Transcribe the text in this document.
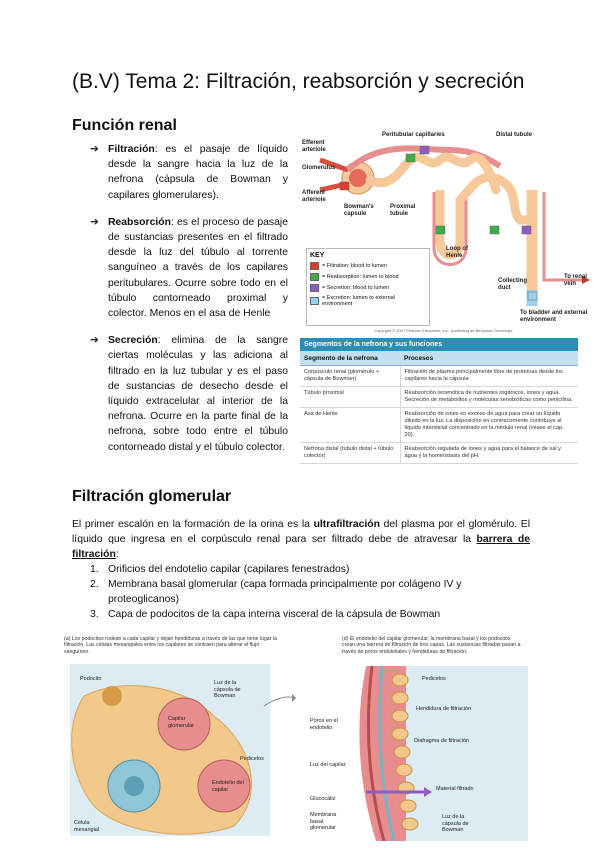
(B.V) Tema 2: Filtración, reabsorción y secreción
Función renal
➔ Filtración: es el pasaje de líquido desde la sangre hacia la luz de la nefrona (cápsula de Bowman y capilares glomerulares).
➔ Reabsorción: es el proceso de pasaje de sustancias presentes en el filtrado desde la luz del túbulo al torrente sanguíneo a través de los capilares peritubulares. Ocurre sobre todo en el túbulo contorneado proximal y colector. Menos en el asa de Henle
➔ Secreción: elimina de la sangre ciertas moléculas y las adiciona al filtrado en la luz tubular y es el paso de sustancias de desecho desde el líquido extracelular al interior de la nefrona. Ocurre en la parte final de la nefrona, sobre todo entre el túbulo contorneado distal y el túbulo colector.
Peritubular capillaries	Distal tubule
Efferent arteriole
Glomerulus
Afferent arteriole
Bowman's capsule
Proximal tubule
Loop of Henle
Collecting duct
To renal vein
To bladder and external environment
KEY
= Filtration: blood to lumen
= Reabsorption: lumen to blood
= Secretion: blood to lumen
= Excretion: lumen to external environment
Copyright © 2007 Pearson Education, Inc., publishing as Benjamin Cummings.
Segmentos de la nefrona y sus funciones	
Segmento de la nefrona	Procesos
Corpúsculo renal (glomérulo + cápsula de Bowman)	Filtración de plasma principalmente libre de proteínas desde los capilares hacia la cápsula
Túbulo proximal	Reabsorción isosmótica de nutrientes orgánicos, iones y agua. Secreción de metabolitos y moléculas xenobióticas como penicilina.
Asa de Henle	Reabsorción de iones en exceso de agua para crear un líquido diluido en la luz. La disposición en contracorriente contribuye al líquido intersticial concentrado en la médula renal (véase el cap. 20).
Nefrona distal (túbulo distal + túbulo colector)	Reabsorción regulada de iones y agua para el balance de sal y agua y la homeostasis del pH.
Filtración glomerular
El primer escalón en la formación de la orina es la ultrafiltración del plasma por el glomérulo. El líquido que ingresa en el corpúsculo renal para ser filtrado debe de atravesar la barrera de filtración:
1. Orificios del endotelio capilar (capilares fenestrados)
2. Membrana basal glomerular (capa formada principalmente por colágeno IV y proteoglicanos)
3. Capa de podocitos de la capa interna visceral de la cápsula de Bowman
(a) Los podocitos rodean a cada capilar y dejan hendiduras a través de las que tiene lugar la filtración. Las células mesangiales entre los capilares se contraen para alterar el flujo sanguíneo.
Podocito
Luz de la cápsula de Bowman
Capilar glomerular
Pedicelos
Endotelio del capilar
Célula mesangial
(d) El endotelio del capilar glomerular, la membrana basal y los podocitos crean una barrera de filtración de tres capas. Las sustancias filtradas pasan a través de poros endoteliales y hendiduras de filtración.
Pedicelos
Hendidura de filtración
Poros en el endotelio
Diafragma de filtración
Luz del capilar
Material filtrado
Glucocáliz
Membrana basal glomerular
Luz de la cápsula de Bowman
